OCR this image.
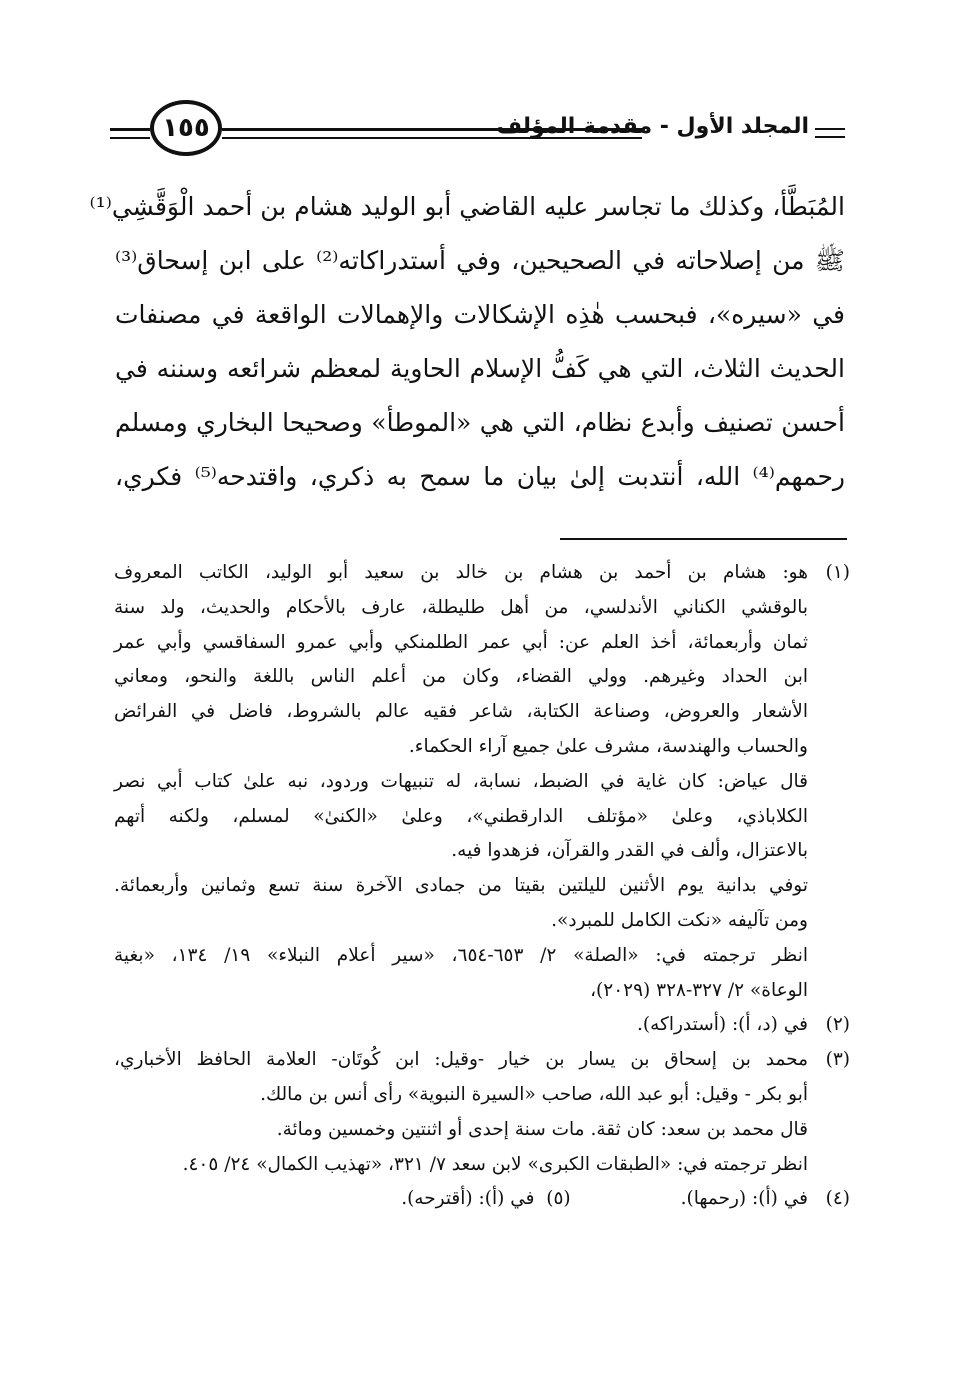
١٥٥	المجلد الأول - مقدمة المؤلف
المُبَطَّأ، وكذلك ما تجاسر عليه القاضي أبو الوليد هشام بن أحمد الْوَقَّشِي⁽¹⁾
ﷺ من إصلاحاته في الصحيحين، وفي أستدراكاته⁽²⁾ على ابن إسحاق⁽³⁾
في «سيره»، فبحسب هٰذِه الإشكالات والإهمالات الواقعة في مصنفات
الحديث الثلاث، التي هي كَفُّ الإسلام الحاوية لمعظم شرائعه وسننه في
أحسن تصنيف وأبدع نظام، التي هي «الموطأ» وصحيحا البخاري ومسلم
رحمهم⁽⁴⁾ الله، أنتدبت إلىٰ بيان ما سمح به ذكري، واقتدحه⁽⁵⁾ فكري،
(١)هو: هشام بن أحمد بن هشام بن خالد بن سعيد أبو الوليد، الكاتب المعروف
بالوقشي الكناني الأندلسي، من أهل طليطلة، عارف بالأحكام والحديث، ولد سنة
ثمان وأربعمائة، أخذ العلم عن: أبي عمر الطلمنكي وأبي عمرو السفاقسي وأبي عمر
ابن الحداد وغيرهم. وولي القضاء، وكان من أعلم الناس باللغة والنحو، ومعاني
الأشعار والعروض، وصناعة الكتابة، شاعر فقيه عالم بالشروط، فاضل في الفرائض
والحساب والهندسة، مشرف علىٰ جميع آراء الحكماء.
قال عياض: كان غاية في الضبط، نسابة، له تنبيهات وردود، نبه علىٰ كتاب أبي نصر
الكلاباذي، وعلىٰ «مؤتلف الدارقطني»، وعلىٰ «الكنىٰ» لمسلم، ولكنه أتهم
بالاعتزال، وألف في القدر والقرآن، فزهدوا فيه.
توفي بدانية يوم الأثنين لليلتين بقيتا من جمادى الآخرة سنة تسع وثمانين وأربعمائة.
ومن تآليفه «نكت الكامل للمبرد».
انظر ترجمته في: «الصلة» ٢/ ٦٥٣-٦٥٤، «سير أعلام النبلاء» ١٩/ ١٣٤، «بغية
الوعاة» ٢/ ٣٢٧-٣٢٨ (٢٠٢٩)،
(٢)في (د، أ): (أستدراكه).
(٣)محمد بن إسحاق بن يسار بن خيار -وقيل: ابن كُوتَان- العلامة الحافظ الأخباري،
أبو بكر - وقيل: أبو عبد الله، صاحب «السيرة النبوية» رأى أنس بن مالك.
قال محمد بن سعد: كان ثقة. مات سنة إحدى أو اثنتين وخمسين ومائة.
انظر ترجمته في: «الطبقات الكبرى» لابن سعد ٧/ ٣٢١، «تهذيب الكمال» ٢٤/ ٤٠٥.
(٤)في (أ): (رحمها).(٥)  في (أ): (أقترحه).
